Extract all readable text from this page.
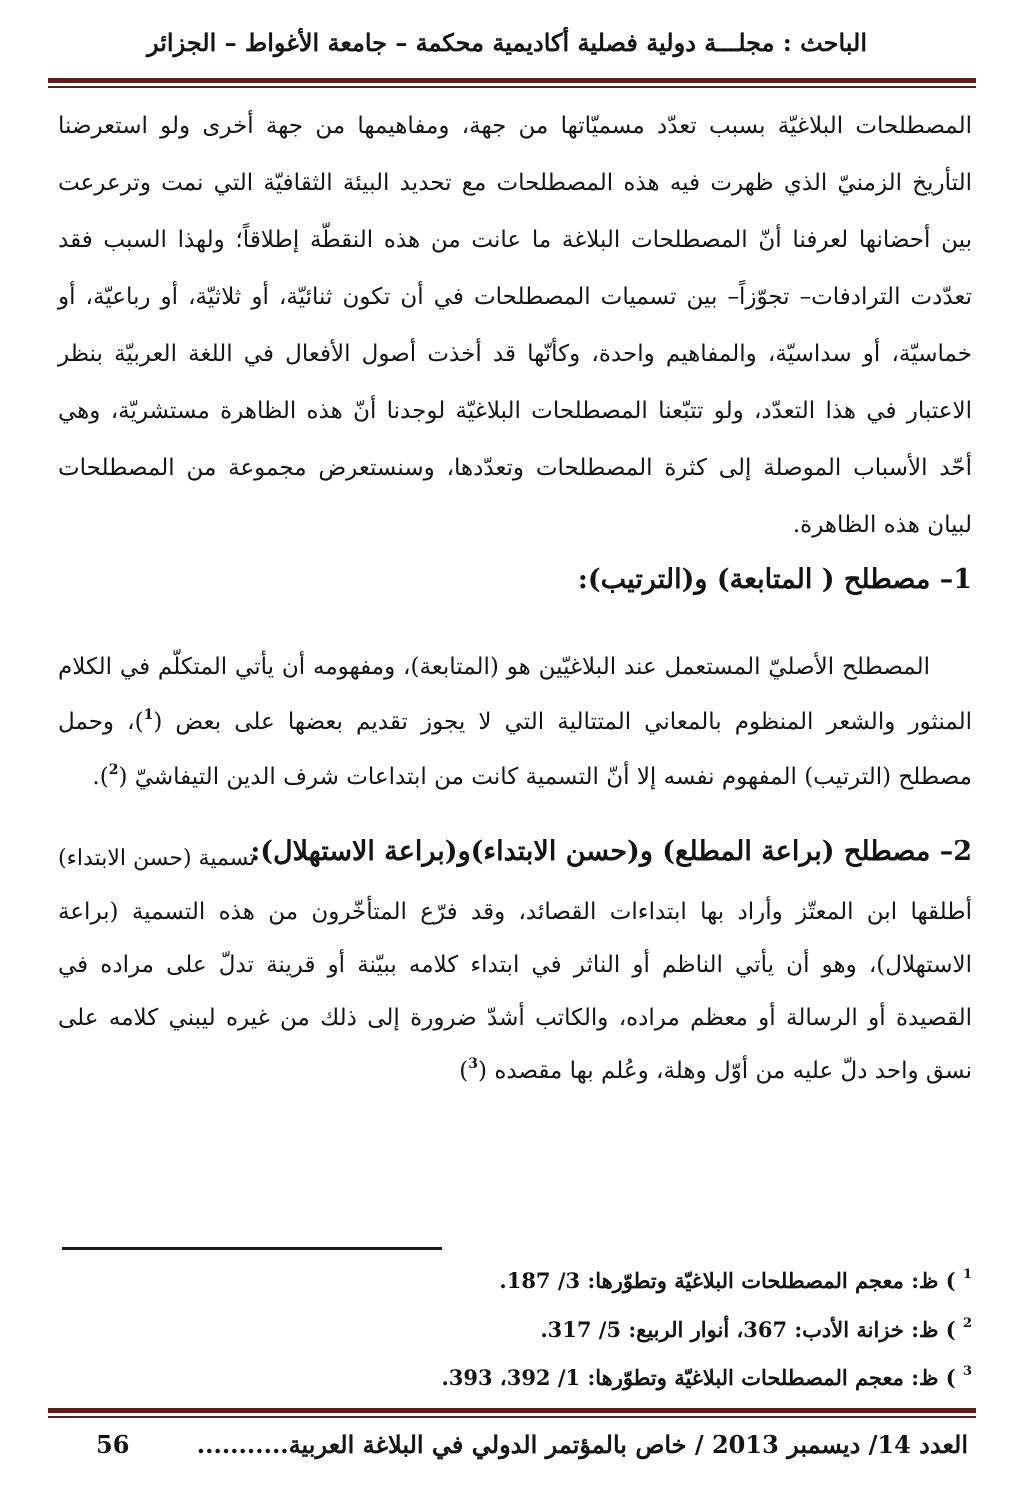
الباحث : مجلـــة دولية فصلية أكاديمية محكمة – جامعة الأغواط – الجزائر

المصطلحات البلاغيّة بسبب تعدّد مسميّاتها من جهة، ومفاهيمها من جهة أخرى ولو استعرضنا التأريخ الزمنيّ الذي ظهرت فيه هذه المصطلحات مع تحديد البيئة الثقافيّة التي نمت وترعرعت بين أحضانها لعرفنا أنّ المصطلحات البلاغة ما عانت من هذه النقطّة إطلاقاً؛ ولهذا السبب فقد تعدّدت الترادفات– تجوّزاً– بين تسميات المصطلحات في أن تكون ثنائيّة، أو ثلاثيّة، أو رباعيّة، أو خماسيّة، أو سداسيّة، والمفاهيم واحدة، وكأنّها قد أخذت أصول الأفعال في اللغة العربيّة بنظر الاعتبار في هذا التعدّد، ولو تتبّعنا المصطلحات البلاغيّة لوجدنا أنّ هذه الظاهرة مستشريّة، وهي أحّد الأسباب الموصلة إلى كثرة المصطلحات وتعدّدها، وسنستعرض مجموعة من المصطلحات لبيان هذه الظاهرة.

1– مصطلح ( المتابعة) و(الترتيب):

المصطلح الأصليّ المستعمل عند البلاغيّين هو (المتابعة)، ومفهومه أن يأتي المتكلّم في الكلام المنثور والشعر المنظوم بالمعاني المتتالية التي لا يجوز تقديم بعضها على بعض ($^1$)، وحمل مصطلح (الترتيب) المفهوم نفسه إلا أنّ التسمية كانت من ابتداعات شرف الدين التيفاشيّ ($^2$).

2– مصطلح (براعة المطلع) و(حسن الابتداء)و(براعة الاستهلال):
تسمية (حسن الابتداء)

أطلقها ابن المعتّز وأراد بها ابتداءات القصائد، وقد فرّع المتأخّرون من هذه التسمية (براعة الاستهلال)، وهو أن يأتي الناظم أو الناثر في ابتداء كلامه ببيّنة أو قرينة تدلّ على مراده في القصيدة أو الرسالة أو معظم مراده، والكاتب أشدّ ضرورة إلى ذلك من غيره ليبني كلامه على نسق واحد دلّ عليه من أوّل وهلة، وعُلم بها مقصده ($^3$)

$^1$ ) ظ: معجم المصطلحات البلاغيّة وتطوّرها: 3/ 187.
$^2$ ) ظ: خزانة الأدب: 367، أنوار الربيع: 5/ 317.
$^3$ ) ظ: معجم المصطلحات البلاغيّة وتطوّرها: 1/ 392، 393.
العدد 14/ ديسمبر 2013 / خاص بالمؤتمر الدولي في البلاغة العربية...........
56
